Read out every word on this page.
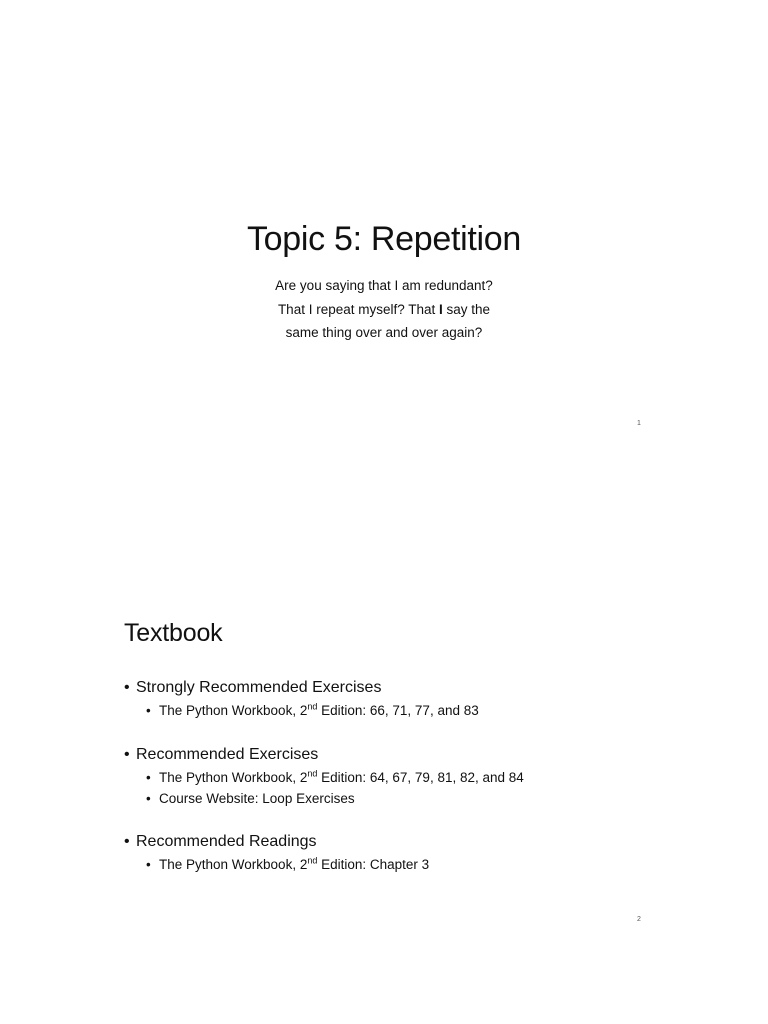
Topic 5: Repetition

Are you saying that I am redundant?
That I repeat myself? That I say the
same thing over and over again?

1
Textbook

• Strongly Recommended Exercises

• The Python Workbook, 2nd Edition: 66, 71, 77, and 83

• Recommended Exercises

• The Python Workbook, 2nd Edition: 64, 67, 79, 81, 82, and 84

• Course Website: Loop Exercises

• Recommended Readings

• The Python Workbook, 2nd Edition: Chapter 3

2
